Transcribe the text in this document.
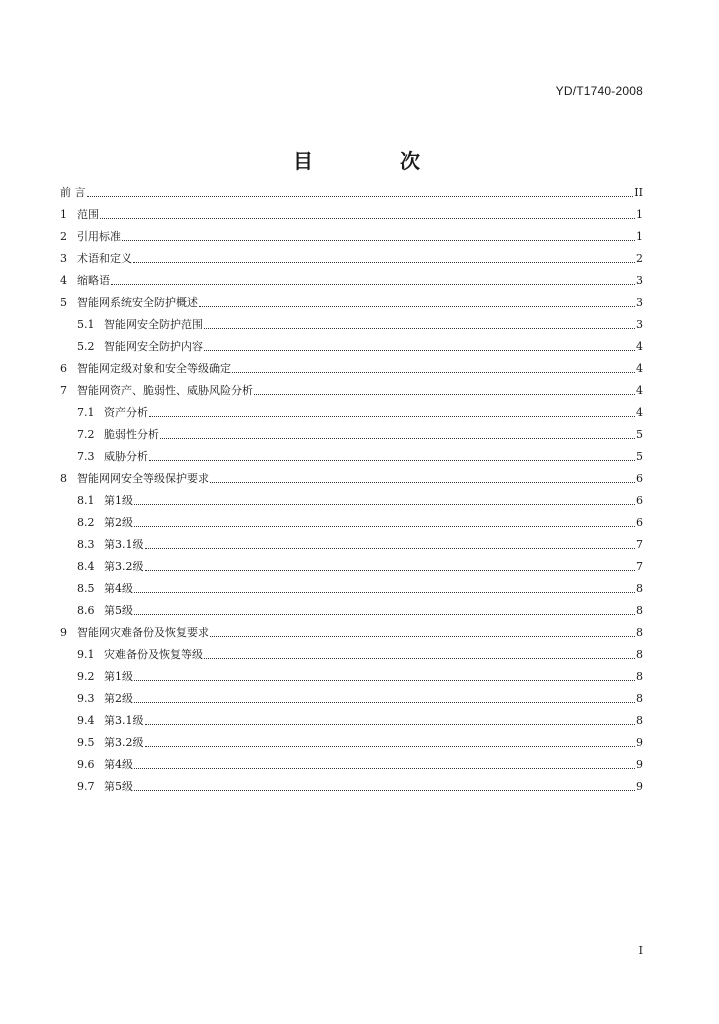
YD/T1740-2008
目 次
前 言	II
1 范围	1
2 引用标准	1
3 术语和定义	2
4 缩略语	3
5 智能网系统安全防护概述	3
5.1 智能网安全防护范围	3
5.2 智能网安全防护内容	4
6 智能网定级对象和安全等级确定	4
7 智能网资产、脆弱性、威胁风险分析	4
7.1 资产分析	4
7.2 脆弱性分析	5
7.3 威胁分析	5
8 智能网网安全等级保护要求	6
8.1 第1级	6
8.2 第2级	6
8.3 第3.1级	7
8.4 第3.2级	7
8.5 第4级	8
8.6 第5级	8
9 智能网灾难备份及恢复要求	8
9.1 灾难备份及恢复等级	8
9.2 第1级	8
9.3 第2级	8
9.4 第3.1级	8
9.5 第3.2级	9
9.6 第4级	9
9.7 第5级	9
I
